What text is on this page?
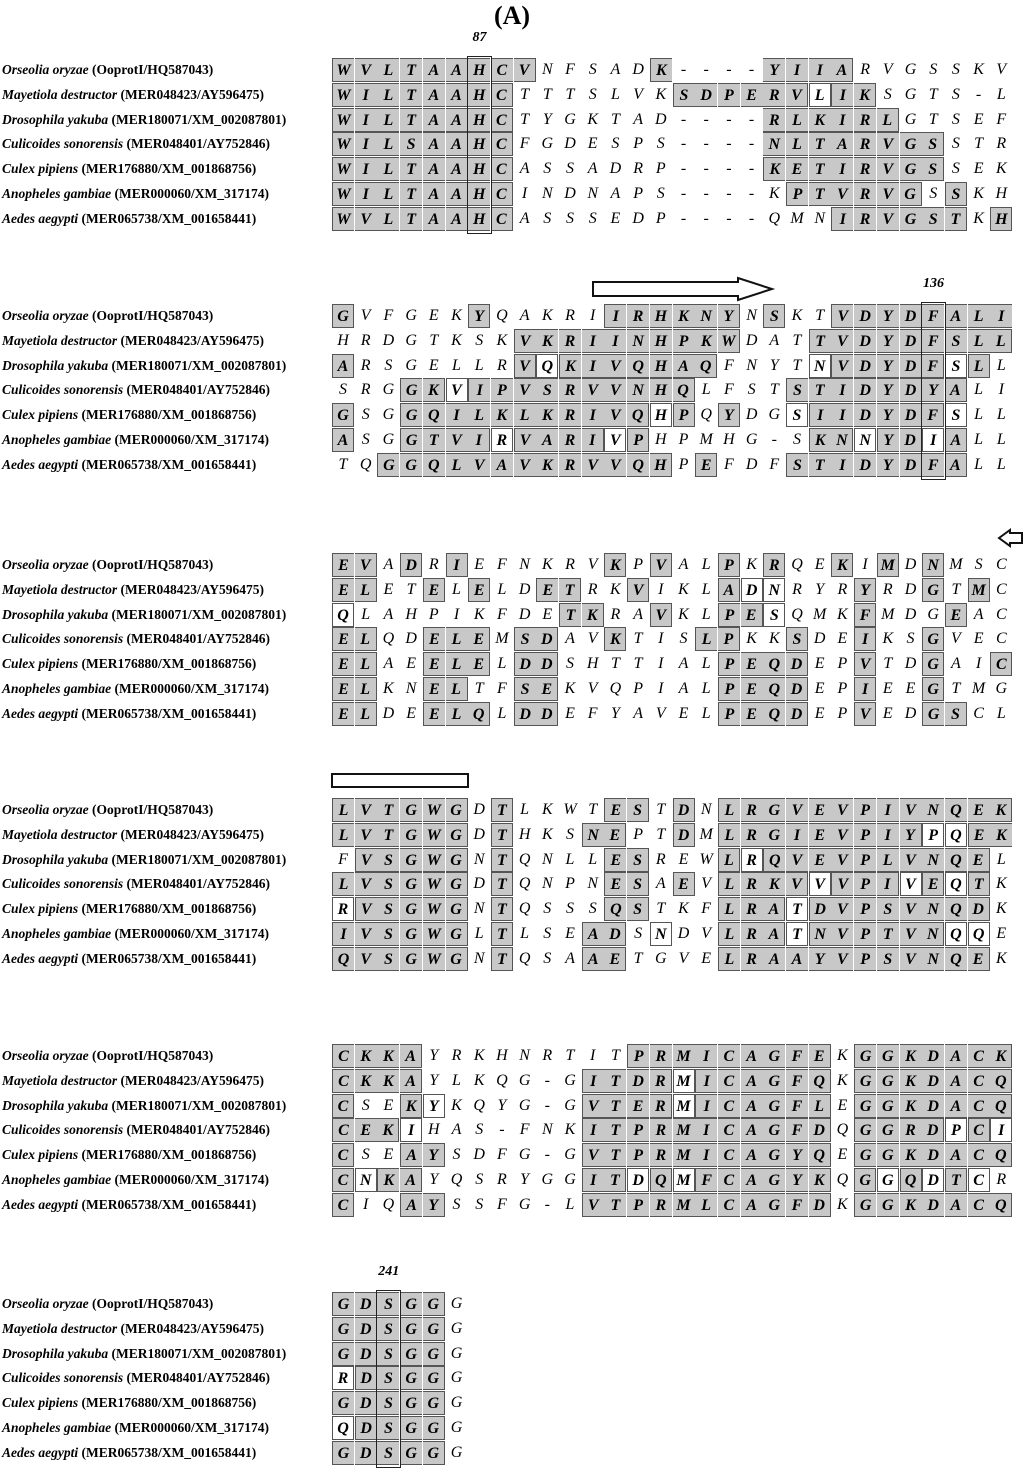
(A)
Orseolia oryzae (OoprotI/HQ587043)	W V L T A A H C V N F S A D K -	-	-	- Y I	I A R V G S S K V
Mayetiola destructor (MER048423/AY596475)	W I L T A A H C T T T S L V K S D P E R V L I K S G T S	- L
Drosophila yakuba (MER180071/XM_002087801)	W I L T A A H C T Y G K T A D -	-	-	- R L K I R L G T S E F
Culicoides sonorensis (MER048401/AY752846)	W I L S A A H C F G D E S P S	-	-	-	- N L T A R V G S S T R
Culex pipiens (MER176880/XM_001868756)	W I L T A A H C A S S A D R P -	-	-	- K E T I R V G S S E K
Anopheles gambiae (MER000060/XM_317174)	W I L T A A H C I N D N A P S	-	-	-	- K P T V R V G S S K H
Aedes aegypti (MER065738/XM_001658441)	W V L T A A H C A S S S E D P -	-	-	- Q M N I R V G S T K H
87
Orseolia oryzae (OoprotI/HQ587043)	G V F G E K Y Q A K R I	I R H K N Y N S K T V D Y D F A L I
Mayetiola destructor (MER048423/AY596475)	H R D G T K S K V K R I	I N H P K W D A T T V D Y D F S L L
Drosophila yakuba (MER180071/XM_002087801)	A R S G E L L R V Q K I V Q H A Q F N Y T N V D Y D F S L L
Culicoides sonorensis (MER048401/AY752846)	S R G G K V I P V S R V V N H Q L F S T S T I D Y D Y A L I
Culex pipiens (MER176880/XM_001868756)	G S G G Q I L K L K R I V Q H P Q Y D G S I I D Y D F S L L
Anopheles gambiae (MER000060/XM_317174)	A S G G T V I R V A R I V P H P M H G -	S K N N Y D I A L L
Aedes aegypti (MER065738/XM_001658441)	T Q G G Q L V A V K R V V Q H P E F D F S T I D Y D F A L L
136
Orseolia oryzae (OoprotI/HQ587043)	E V A D R I E F N K R V K P V A L P K R Q E K I M D N M S C
Mayetiola destructor (MER048423/AY596475)	E L E T E L E L D E T R K V I K L A D N R Y R Y R D G T M C
Drosophila yakuba (MER180071/XM_002087801)	Q L A H P I K F D E T K R A V K L P E S Q M K F M D G E A C
Culicoides sonorensis (MER048401/AY752846)	E L Q D E L E M S D A V K T I	S L P K K S D E I K S G V E C
Culex pipiens (MER176880/XM_001868756)	E L A E E L E L D D S H T T I A L P E Q D E P V T D G A I C
Anopheles gambiae (MER000060/XM_317174)	E L K N E L T F S E K V Q P I A L P E Q D E P I E E G T M G
Aedes aegypti (MER065738/XM_001658441)	E L D E E L Q L D D E F Y A V E L P E Q D E P V E D G S C L
Orseolia oryzae (OoprotI/HQ587043)	L V T G W G D T L K W T E S T D N L R G V E V P I V N Q E K
Mayetiola destructor (MER048423/AY596475)	L V T G W G D T H K S N E P T D M L R G I E V P I Y P Q E K
Drosophila yakuba (MER180071/XM_002087801)	F V S G W G N T Q N L L E S R E W L R Q V E V P L V N Q E L
Culicoides sonorensis (MER048401/AY752846)	L V S G W G D T Q N P N E S A E V L R K V V V P I V E Q T K
Culex pipiens (MER176880/XM_001868756)	R V S G W G N T Q S S S Q S T K F L R A T D V P S V N Q D K
Anopheles gambiae (MER000060/XM_317174)	I V S G W G L T L S E A D S N D V L R A T N V P T V N Q Q E
Aedes aegypti (MER065738/XM_001658441)	Q V S G W G N T Q S A A E T G V E L R A A Y V P S V N Q E K
Orseolia oryzae (OoprotI/HQ587043)	C K K A Y R K H N R T I T P R M I C A G F E K G G K D A C K
Mayetiola destructor (MER048423/AY596475)	C K K A Y L K Q G - G I T D R M I C A G F Q K G G K D A C Q
Drosophila yakuba (MER180071/XM_002087801)	C S E K Y K Q Y G - G V T E R M I C A G F L E G G K D A C Q
Culicoides sonorensis (MER048401/AY752846)	C E K I H A S	- F N K I T P R M I C A G F D Q G G R D P C I
Culex pipiens (MER176880/XM_001868756)	C S E A Y S D F G - G V T P R M I C A G Y Q E G G K D A C Q
Anopheles gambiae (MER000060/XM_317174)	C N K A Y Q S R Y G G I T D Q M F C A G Y K Q G G Q D T C R
Aedes aegypti (MER065738/XM_001658441)	C I Q A Y S S F G - L V T P R M L C A G F D K G G K D A C Q
Orseolia oryzae (OoprotI/HQ587043)	G D S G G G
Mayetiola destructor (MER048423/AY596475)	G D S G G G
Drosophila yakuba (MER180071/XM_002087801)	G D S G G G
Culicoides sonorensis (MER048401/AY752846)	R D S G G G
Culex pipiens (MER176880/XM_001868756)	G D S G G G
Anopheles gambiae (MER000060/XM_317174)	Q D S G G G
Aedes aegypti (MER065738/XM_001658441)	G D S G G G
241
